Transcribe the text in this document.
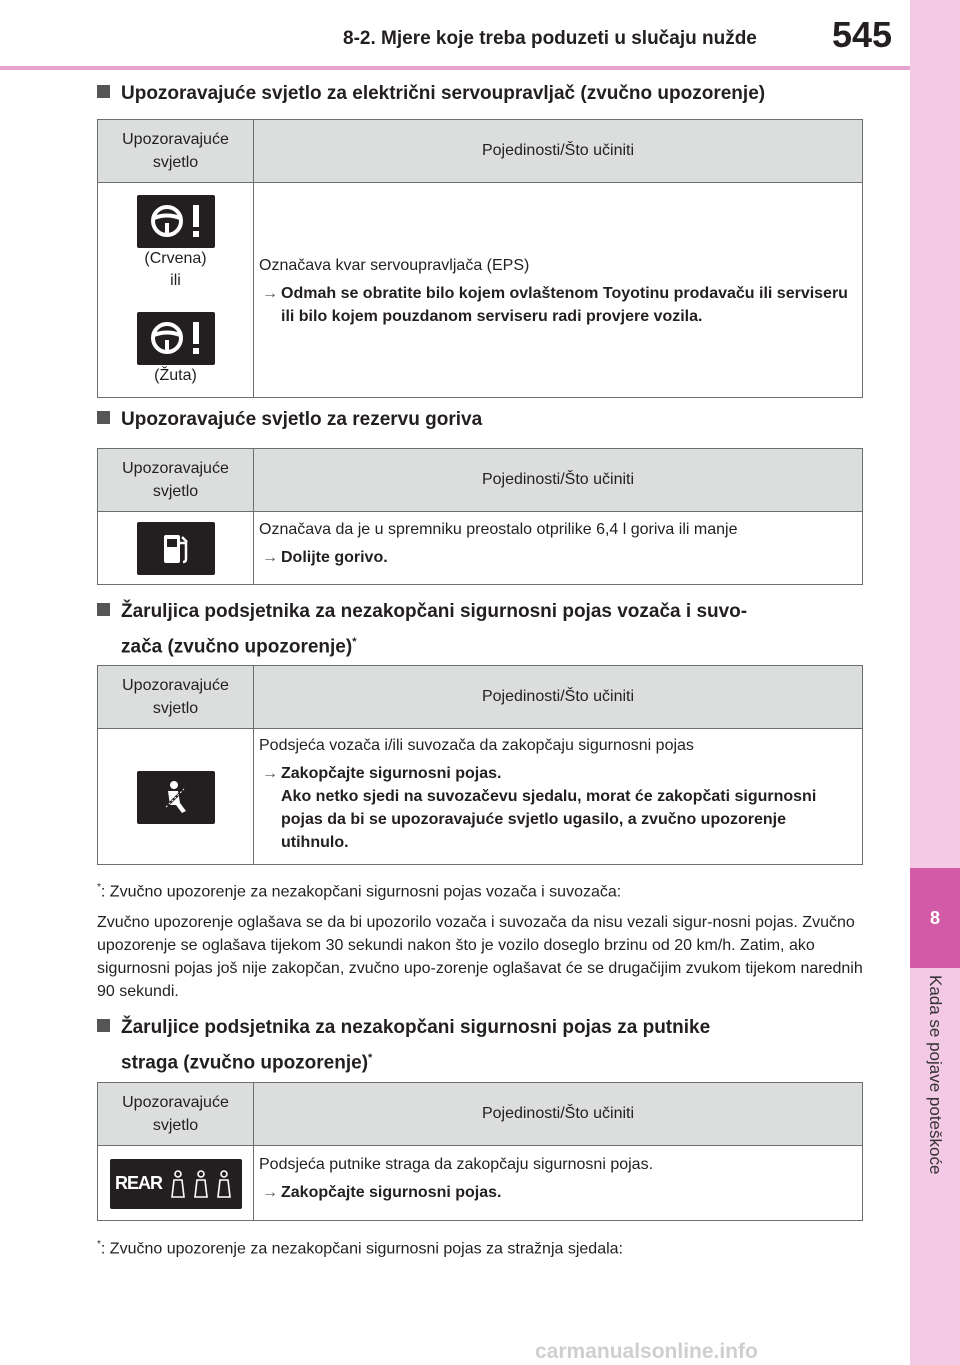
8-2. Mjere koje treba poduzeti u slučaju nužde 545
8
Kada se pojave poteškoće
Upozoravajuće svjetlo za električni servoupravljač (zvučno upozorenje)
Upozoravajuće
svjetlo
Pojedinosti/Što učiniti
(Crvena)
ili
(Žuta)
Označava kvar servoupravljača (EPS)
→ Odmah se obratite bilo kojem ovlaštenom Toyotinu prodavaču ili serviseru ili bilo kojem pouzdanom serviseru radi provjere vozila.
Upozoravajuće svjetlo za rezervu goriva
Upozoravajuće
svjetlo
Pojedinosti/Što učiniti
Označava da je u spremniku preostalo otprilike 6,4 l goriva ili manje
→ Dolijte gorivo.
Žaruljica podsjetnika za nezakopčani sigurnosni pojas vozača i suvo-
zača (zvučno upozorenje)*
Upozoravajuće
svjetlo
Pojedinosti/Što učiniti
Podsjeća vozača i/ili suvozača da zakopčaju sigurnosni pojas
→ Zakopčajte sigurnosni pojas.
Ako netko sjedi na suvozačevu sjedalu, morat će zakopčati sigurnosni pojas da bi se upozoravajuće svjetlo ugasilo, a zvučno upozorenje utihnulo.
*: Zvučno upozorenje za nezakopčani sigurnosni pojas vozača i suvozača:
Zvučno upozorenje oglašava se da bi upozorilo vozača i suvozača da nisu vezali sigur-nosni pojas. Zvučno upozorenje se oglašava tijekom 30 sekundi nakon što je vozilo doseglo brzinu od 20 km/h. Zatim, ako sigurnosni pojas još nije zakopčan, zvučno upo-zorenje oglašavat će se drugačijim zvukom tijekom narednih 90 sekundi.
Žaruljice podsjetnika za nezakopčani sigurnosni pojas za putnike
straga (zvučno upozorenje)*
Upozoravajuće
svjetlo
Pojedinosti/Što učiniti
REAR
Podsjeća putnike straga da zakopčaju sigurnosni pojas.
→ Zakopčajte sigurnosni pojas.
*: Zvučno upozorenje za nezakopčani sigurnosni pojas za stražnja sjedala:
carmanualsonline.info
